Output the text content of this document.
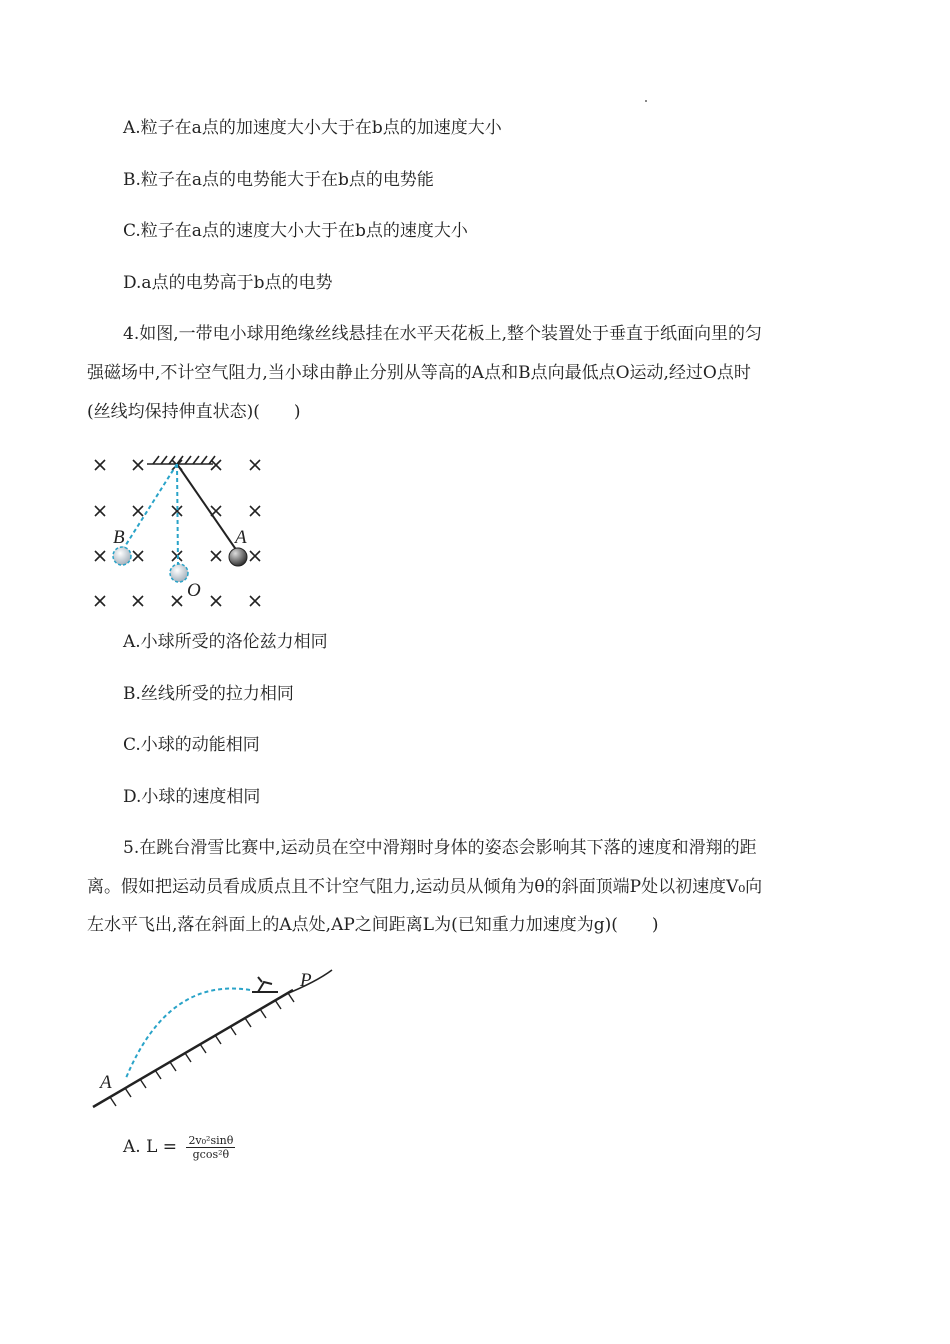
A.粒子在a点的加速度大小大于在b点的加速度大小
B.粒子在a点的电势能大于在b点的电势能
C.粒子在a点的速度大小大于在b点的速度大小
D.a点的电势高于b点的电势
4.如图,一带电小球用绝缘丝线悬挂在水平天花板上,整个装置处于垂直于纸面向里的匀
强磁场中,不计空气阻力,当小球由静止分别从等高的A点和B点向最低点O运动,经过O点时
(丝线均保持伸直状态)(　　)
B	A
O
A.小球所受的洛伦兹力相同
B.丝线所受的拉力相同
C.小球的动能相同
D.小球的速度相同
5.在跳台滑雪比赛中,运动员在空中滑翔时身体的姿态会影响其下落的速度和滑翔的距
离。假如把运动员看成质点且不计空气阻力,运动员从倾角为θ的斜面顶端P处以初速度V₀向
左水平飞出,落在斜面上的A点处,AP之间距离L为(已知重力加速度为g)(　　)
P
A
A. $L = \frac{\text{2v₀²sinθ}}{\text{gcos²θ}}$
